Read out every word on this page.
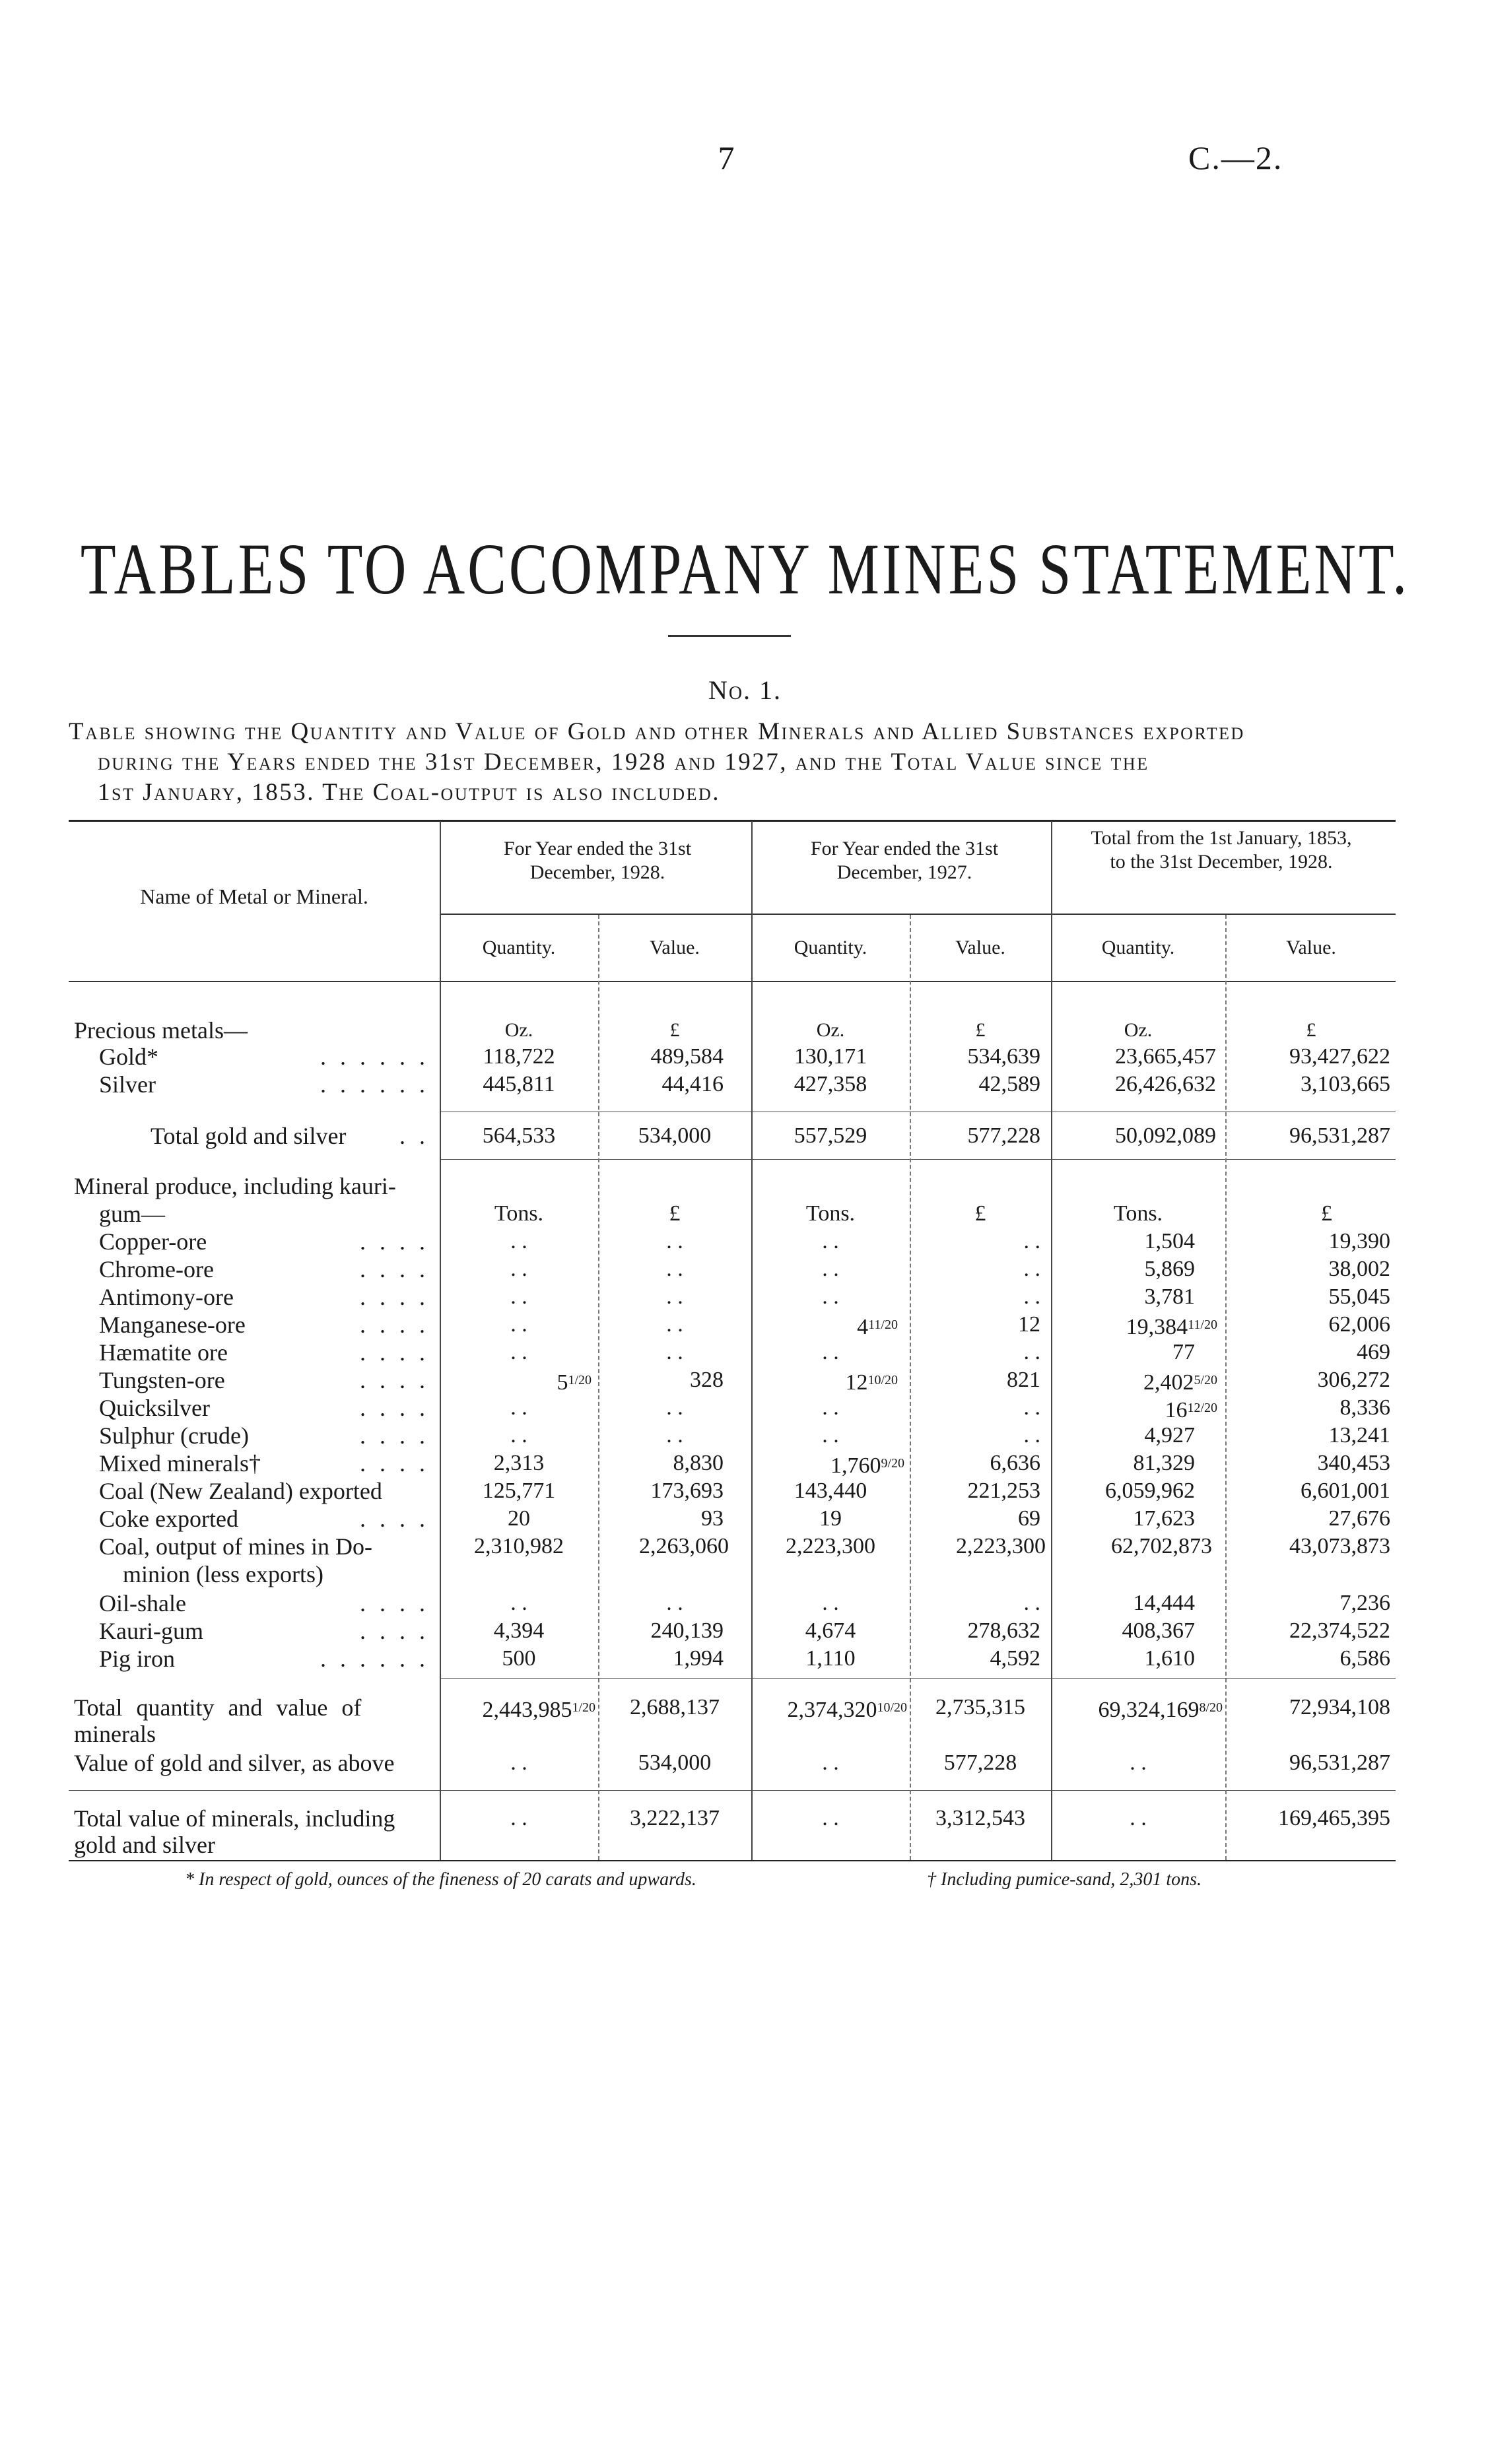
7	C.—2.
TABLES TO ACCOMPANY MINES STATEMENT.
No. 1.
Table showing the Quantity and Value of Gold and other Minerals and Allied Substances exported

during the Years ended the 31st December, 1928 and 1927, and the Total Value since the
1st January, 1853. The Coal-output is also included.
Name of Metal or Mineral.
For Year ended the 31st December, 1928.
For Year ended the 31st December, 1927.
Total from the 1st January, 1853, to the 31st December, 1928.
Quantity.	Value.	Quantity.	Value.	Quantity.	Value.
Precious metals—	Oz.	£	Oz.	£	Oz.	£
Gold*	. . . . . .	118,722	489,584	130,171	534,639	23,665,457	93,427,622
Silver	. . . . . .	445,811	44,416	427,358	42,589	26,426,632	3,103,665
Total gold and silver	. .	564,533	534,000	557,529	577,228	50,092,089	96,531,287
Mineral produce, including kauri-
gum—	Tons.	£	Tons.	£	Tons.	£
Copper-ore	. . . .	. .	. .	. .	. .	1,504	19,390
Chrome-ore	. . . .	. .	. .	. .	. .	5,869	38,002
Antimony-ore	. . . .	. .	. .	. .	. .	3,781	55,045
Manganese-ore	. . . .	. .	. .	$4^{11/20}$	12	$19,384^{11/20}$	62,006
Hæmatite ore	. . . .	. .	. .	. .	. .	77	469
Tungsten-ore	. . . .	$5^{1/20}$	328	$12^{10/20}$	821	$2,402^{5/20}$	306,272
Quicksilver	. . . .	. .	. .	. .	. .	$16^{12/20}$	8,336
Sulphur (crude)	. . . .	. .	. .	. .	. .	4,927	13,241
Mixed minerals†	. . . .	2,313	8,830	$1,760^{9/20}$	6,636	81,329	340,453
Coal (New Zealand) exported	125,771	173,693	143,440	221,253	6,059,962	6,601,001
Coke exported	. . . .	20	93	19	69	17,623	27,676
Coal, output of mines in Do-
minion (less exports)
2,310,982	2,263,060	2,223,300	2,223,300	62,702,873	43,073,873
Oil-shale	. . . .	. .	. .	. .	. .	14,444	7,236
Kauri-gum	. . . .	4,394	240,139	4,674	278,632	408,367	22,374,522
Pig iron	. . . . . .	500	1,994	1,110	4,592	1,610	6,586
Total quantity and value of
minerals
$2,443,985^{1/20}$	2,688,137	$2,374,320^{10/20}$	2,735,315	$69,324,169^{8/20}$	72,934,108
Value of gold and silver, as above	. .	534,000	. .	577,228	. .	96,531,287
Total value of minerals, including
gold and silver
. .	3,222,137	. .	3,312,543	. .	169,465,395
* In respect of gold, ounces of the fineness of 20 carats and upwards.	† Including pumice-sand, 2,301 tons.
